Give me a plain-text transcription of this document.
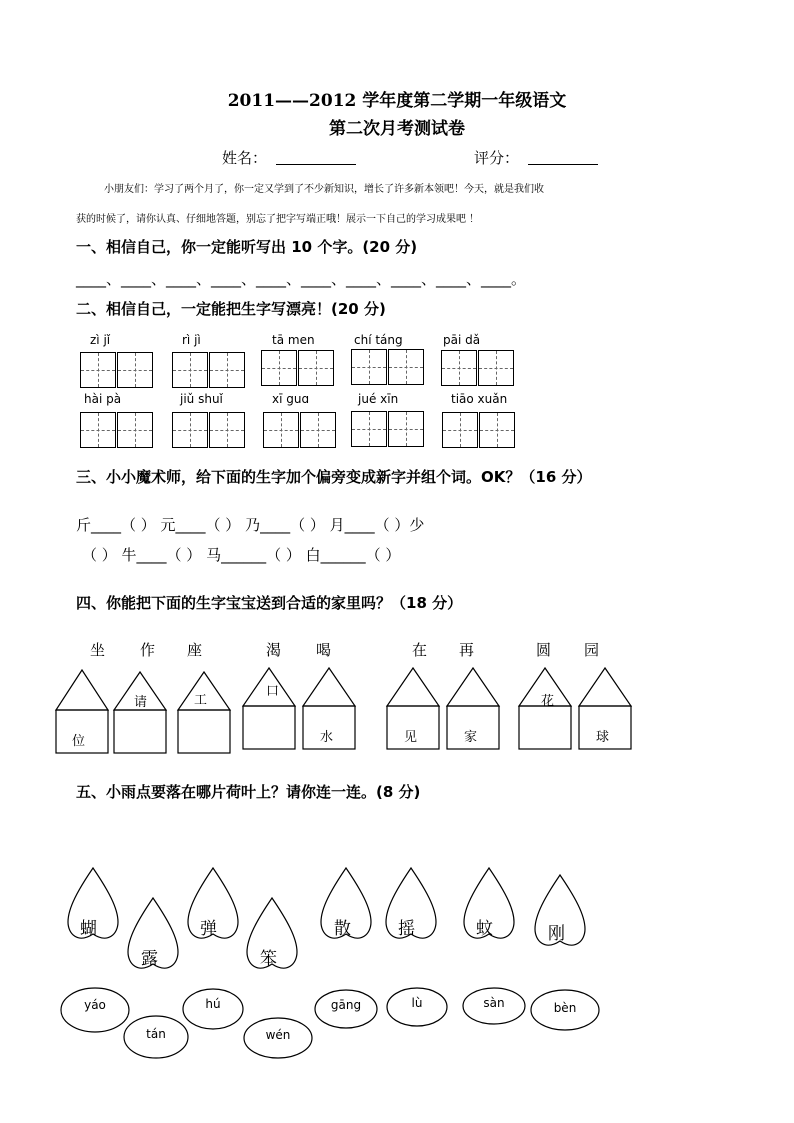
2011——2012 学年度第二学期一年级语文
第二次月考测试卷
姓名：	评分：
小朋友们：学习了两个月了，你一定又学到了不少新知识，增长了许多新本领吧！今天，就是我们收
获的时候了，请你认真、仔细地答题，别忘了把字写端正哦！展示一下自己的学习成果吧 ！
一、相信自己，你一定能听写出 10 个字。(20 分)
____、____、____、____、____、____、____、____、____、____。
二、相信自己，一定能把生字写漂亮！(20 分)
zì jǐ	rì jì	tā men	chí táng	pāi dǎ
hài pà	jiǔ shuǐ	xī guɑ	jué xīn	tiāo xuǎn
三、小小魔术师，给下面的生字加个偏旁变成新字并组个词。OK？（16 分）
斤____（ ） 元____（ ） 乃____（ ） 月____（ ）少
（ ） 牛____（ ） 马______（ ） 白______（ ）
四、你能把下面的生字宝宝送到合适的家里吗？（18 分）
坐 作 座	渴 喝	在 再	圆 园
位
请	工
口
水	见	家
花
球
五、小雨点要落在哪片荷叶上？请你连一连。(8 分)
蝴
露
弹
笨
散	摇	蚊	刚
yáo
tán
hú
wén
gāng	lù	sàn	bèn
